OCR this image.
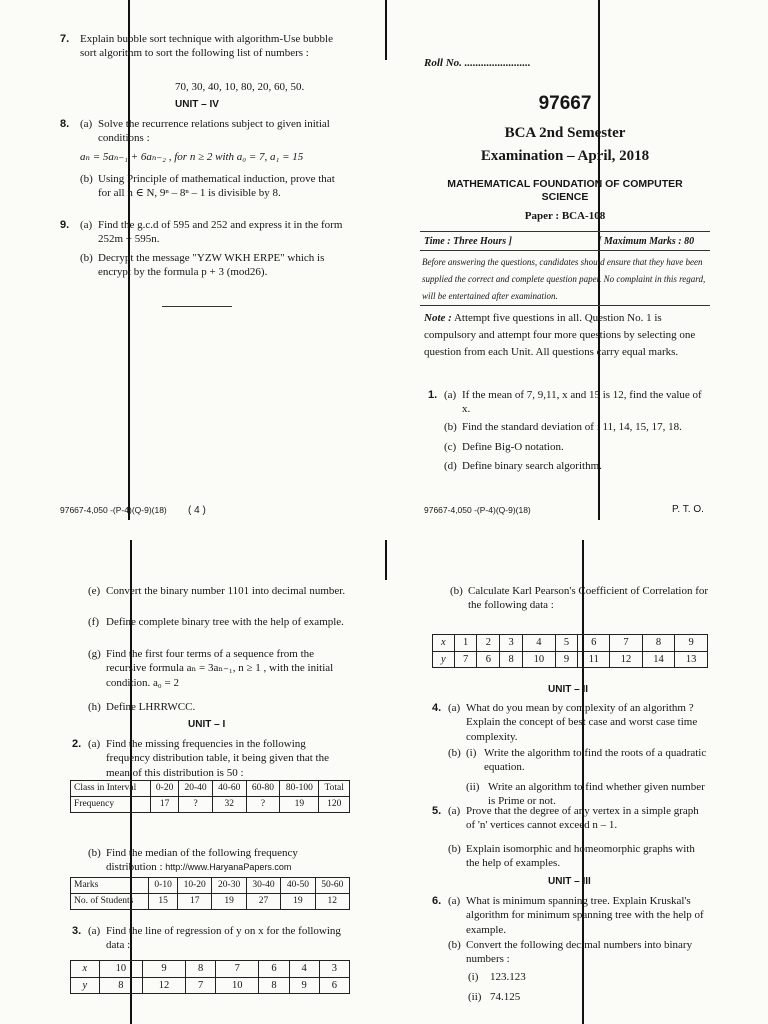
7. Explain bubble sort technique with algorithm-Use bubble sort algorithm to sort the following list of numbers :
70, 30, 40, 10, 80, 20, 60, 50.
UNIT – IV
8. (a) Solve the recurrence relations subject to given initial conditions :
aₙ = 5aₙ₋₁ + 6aₙ₋₂ , for n ≥ 2 with a₀ = 7, a₁ = 15
(b) Using Principle of mathematical induction, prove that for all n ∈ N, 9ⁿ – 8ⁿ – 1 is divisible by 8.
9. (a) Find the g.c.d of 595 and 252 and express it in the form 252m + 595n.
(b) Decrypt the message "YZW WKH ERPE" which is encrypt by the formula p + 3 (mod26).
97667-4,050 -(P-4)(Q-9)(18) ( 4 )
Roll No. ........................
97667
BCA 2nd Semester
Examination – April, 2018
MATHEMATICAL FOUNDATION OF COMPUTER SCIENCE
Paper : BCA-108
Time : Three Hours ]	[ Maximum Marks : 80
Before answering the questions, candidates should ensure that they have been supplied the correct and complete question paper. No complaint in this regard, will be entertained after examination.
Note : Attempt five questions in all. Question No. 1 is compulsory and attempt four more questions by selecting one question from each Unit. All questions carry equal marks.
1. (a) If the mean of 7, 9,11, x and 15 is 12, find the value of x.
(b) Find the standard deviation of : 11, 14, 15, 17, 18.
(c) Define Big-O notation.
(d) Define binary search algorithm.
97667-4,050 -(P-4)(Q-9)(18)	P. T. O.
(e) Convert the binary number 1101 into decimal number.
(f) Define complete binary tree with the help of example.
(g) Find the first four terms of a sequence from the recursive formula aₙ = 3aₙ₋₁, n ≥ 1 , with the initial condition. a₀ = 2
(h) Define LHRRWCC.
UNIT – I
2. (a) Find the missing frequencies in the following frequency distribution table, it being given that the mean of this distribution is 50 :
Class in Interval	0-20	20-40	40-60	60-80	80-100	Total
Frequency	17	?	32	?	19	120
(b) Find the median of the following frequency distribution : http://www.HaryanaPapers.com
Marks	0-10	10-20	20-30	30-40	40-50	50-60
No. of Students	15	17	19	27	19	12
3. (a) Find the line of regression of y on x for the following data :
x	10	9	8	7	6	4	3
y	8	12	7	10	8	9	6
(b) Calculate Karl Pearson's Coefficient of Correlation for the following data :
x	1	2	3	4	5	6	7	8	9
y	7	6	8	10	9	11	12	14	13
UNIT – II
4. (a) What do you mean by complexity of an algorithm ? Explain the concept of best case and worst case time complexity.
(b) (i) Write the algorithm to find the roots of a quadratic equation.
(ii) Write an algorithm to find whether given number is Prime or not.
5. (a) Prove that the degree of any vertex in a simple graph of 'n' vertices cannot exceed n – 1.
(b) Explain isomorphic and homeomorphic graphs with the help of examples.
UNIT – III
6. (a) What is minimum spanning tree. Explain Kruskal's algorithm for minimum spanning tree with the help of example.
(b) Convert the following decimal numbers into binary numbers :
(i)	123.123
(ii) 74.125
